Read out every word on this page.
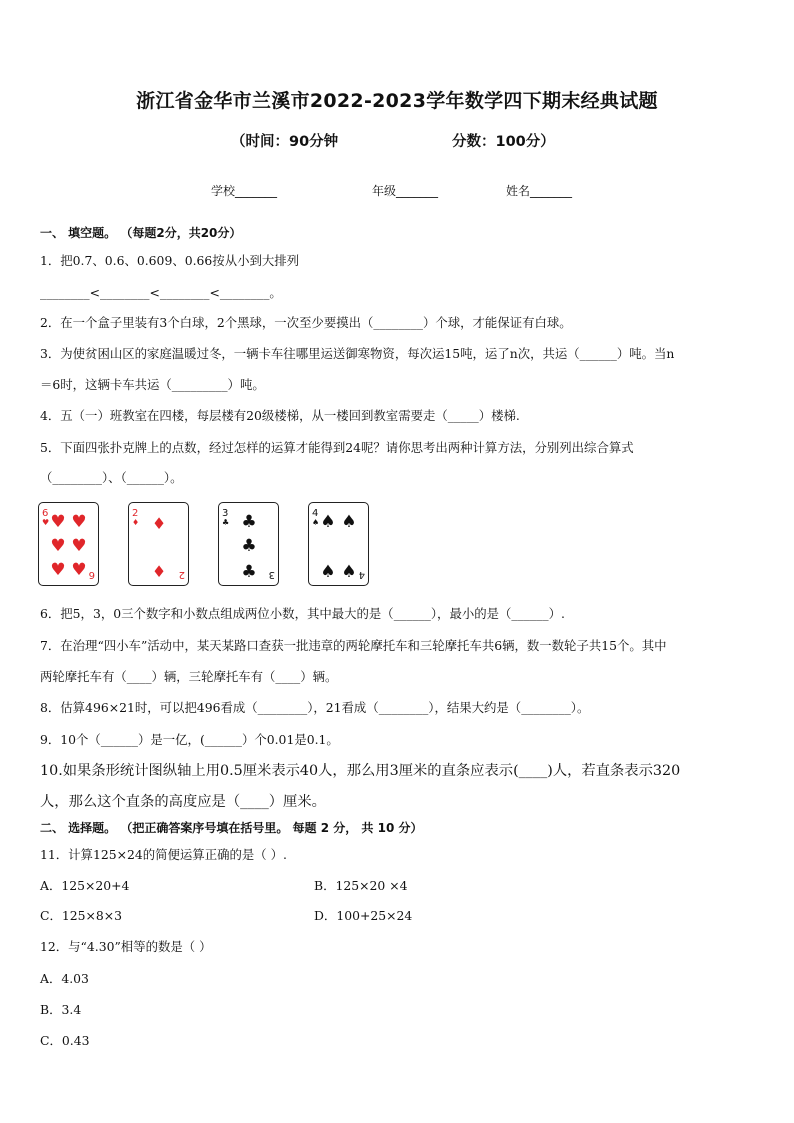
浙江省金华市兰溪市2022-2023学年数学四下期末经典试题
（时间：90分钟	分数：100分）
学校_______	年级_______	姓名_______
一、 填空题。 （每题2分，共20分）
1．把0.7、0.6、0.609、0.66按从小到大排列
________<________<________<________。
2．在一个盒子里装有3个白球，2个黑球，一次至少要摸出（________）个球，才能保证有白球。
3．为使贫困山区的家庭温暖过冬，一辆卡车往哪里运送御寒物资，每次运15吨，运了n次，共运（______）吨。当n
＝6时，这辆卡车共运（_________）吨。
4．五（一）班教室在四楼，每层楼有20级楼梯，从一楼回到教室需要走（_____）楼梯.
5．下面四张扑克牌上的点数，经过怎样的运算才能得到24呢？请你思考出两种计算方法，分别列出综合算式
（________）、（______）。
6
♥ ♥ ♥
♥ ♥
♥ ♥ 6
2
♦ ♦
♦ 2
3
♣ ♣
♣
♣ 3
4
♠ ♠ ♠
♠ ♠ 4
6．把5，3，0三个数字和小数点组成两位小数，其中最大的是（______），最小的是（______）.
7．在治理“四小车”活动中，某天某路口查获一批违章的两轮摩托车和三轮摩托车共6辆，数一数轮子共15个。其中
两轮摩托车有（____）辆，三轮摩托车有（____）辆。
8．估算496×21时，可以把496看成（________），21看成（________），结果大约是（________）。
9．10个（______）是一亿，(______）个0.01是0.1。
10.如果条形统计图纵轴上用0.5厘米表示40人，那么用3厘米的直条应表示(____)人，若直条表示320
人，那么这个直条的高度应是（____）厘米。
二、 选择题。 （把正确答案序号填在括号里。 每题 2 分， 共 10 分）
11．计算125×24的简便运算正确的是（ ）.
A．125×20+4	B．125×20 ×4
C．125×8×3	D．100+25×24
12．与“4.30”相等的数是（ ）
A．4.03
B．3.4
C．0.43
